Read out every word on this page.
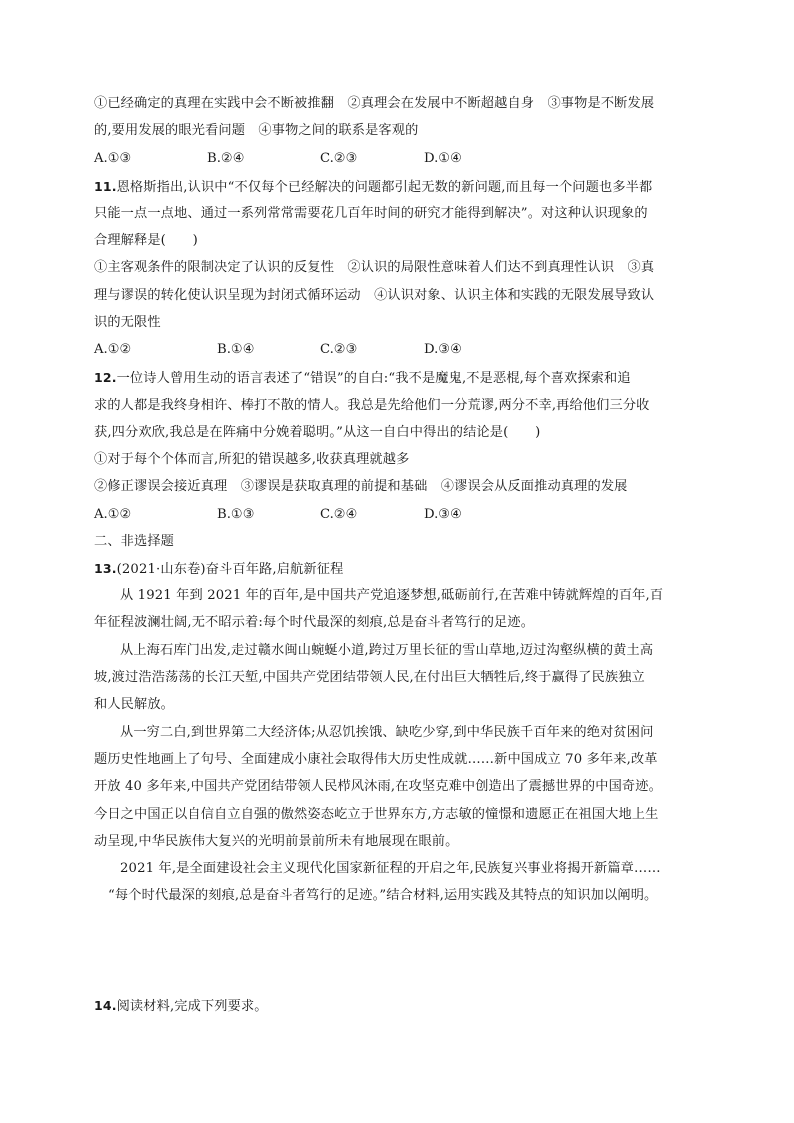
①已经确定的真理在实践中会不断被推翻　②真理会在发展中不断超越自身　③事物是不断发展
的,要用发展的眼光看问题　④事物之间的联系是客观的
A.①③	B.②④	C.②③	D.①④
11.恩格斯指出,认识中“不仅每个已经解决的问题都引起无数的新问题,而且每一个问题也多半都
只能一点一点地、通过一系列常常需要花几百年时间的研究才能得到解决”。对这种认识现象的
合理解释是(　　)
①主客观条件的限制决定了认识的反复性　②认识的局限性意味着人们达不到真理性认识　③真
理与谬误的转化使认识呈现为封闭式循环运动　④认识对象、认识主体和实践的无限发展导致认
识的无限性
A.①②	B.①④	C.②③	D.③④
12.一位诗人曾用生动的语言表述了“错误”的自白:“我不是魔鬼,不是恶棍,每个喜欢探索和追
求的人都是我终身相许、棒打不散的情人。我总是先给他们一分荒谬,两分不幸,再给他们三分收
获,四分欢欣,我总是在阵痛中分娩着聪明。”从这一自白中得出的结论是(　　)
①对于每个个体而言,所犯的错误越多,收获真理就越多
②修正谬误会接近真理　③谬误是获取真理的前提和基础　④谬误会从反面推动真理的发展
A.①②	B.①③	C.②④	D.③④
二、非选择题
13.(2021·山东卷)奋斗百年路,启航新征程
从 1921 年到 2021 年的百年,是中国共产党追逐梦想,砥砺前行,在苦难中铸就辉煌的百年,百
年征程波澜壮阔,无不昭示着:每个时代最深的刻痕,总是奋斗者笃行的足迹。
从上海石库门出发,走过赣水闽山蜿蜒小道,跨过万里长征的雪山草地,迈过沟壑纵横的黄土高
坡,渡过浩浩荡荡的长江天堑,中国共产党团结带领人民,在付出巨大牺牲后,终于赢得了民族独立
和人民解放。
从一穷二白,到世界第二大经济体;从忍饥挨饿、缺吃少穿,到中华民族千百年来的绝对贫困问
题历史性地画上了句号、全面建成小康社会取得伟大历史性成就……新中国成立 70 多年来,改革
开放 40 多年来,中国共产党团结带领人民栉风沐雨,在攻坚克难中创造出了震撼世界的中国奇迹。
今日之中国正以自信自立自强的傲然姿态屹立于世界东方,方志敏的憧憬和遗愿正在祖国大地上生
动呈现,中华民族伟大复兴的光明前景前所未有地展现在眼前。
2021 年,是全面建设社会主义现代化国家新征程的开启之年,民族复兴事业将揭开新篇章……
“每个时代最深的刻痕,总是奋斗者笃行的足迹。”结合材料,运用实践及其特点的知识加以阐明。
14.阅读材料,完成下列要求。
